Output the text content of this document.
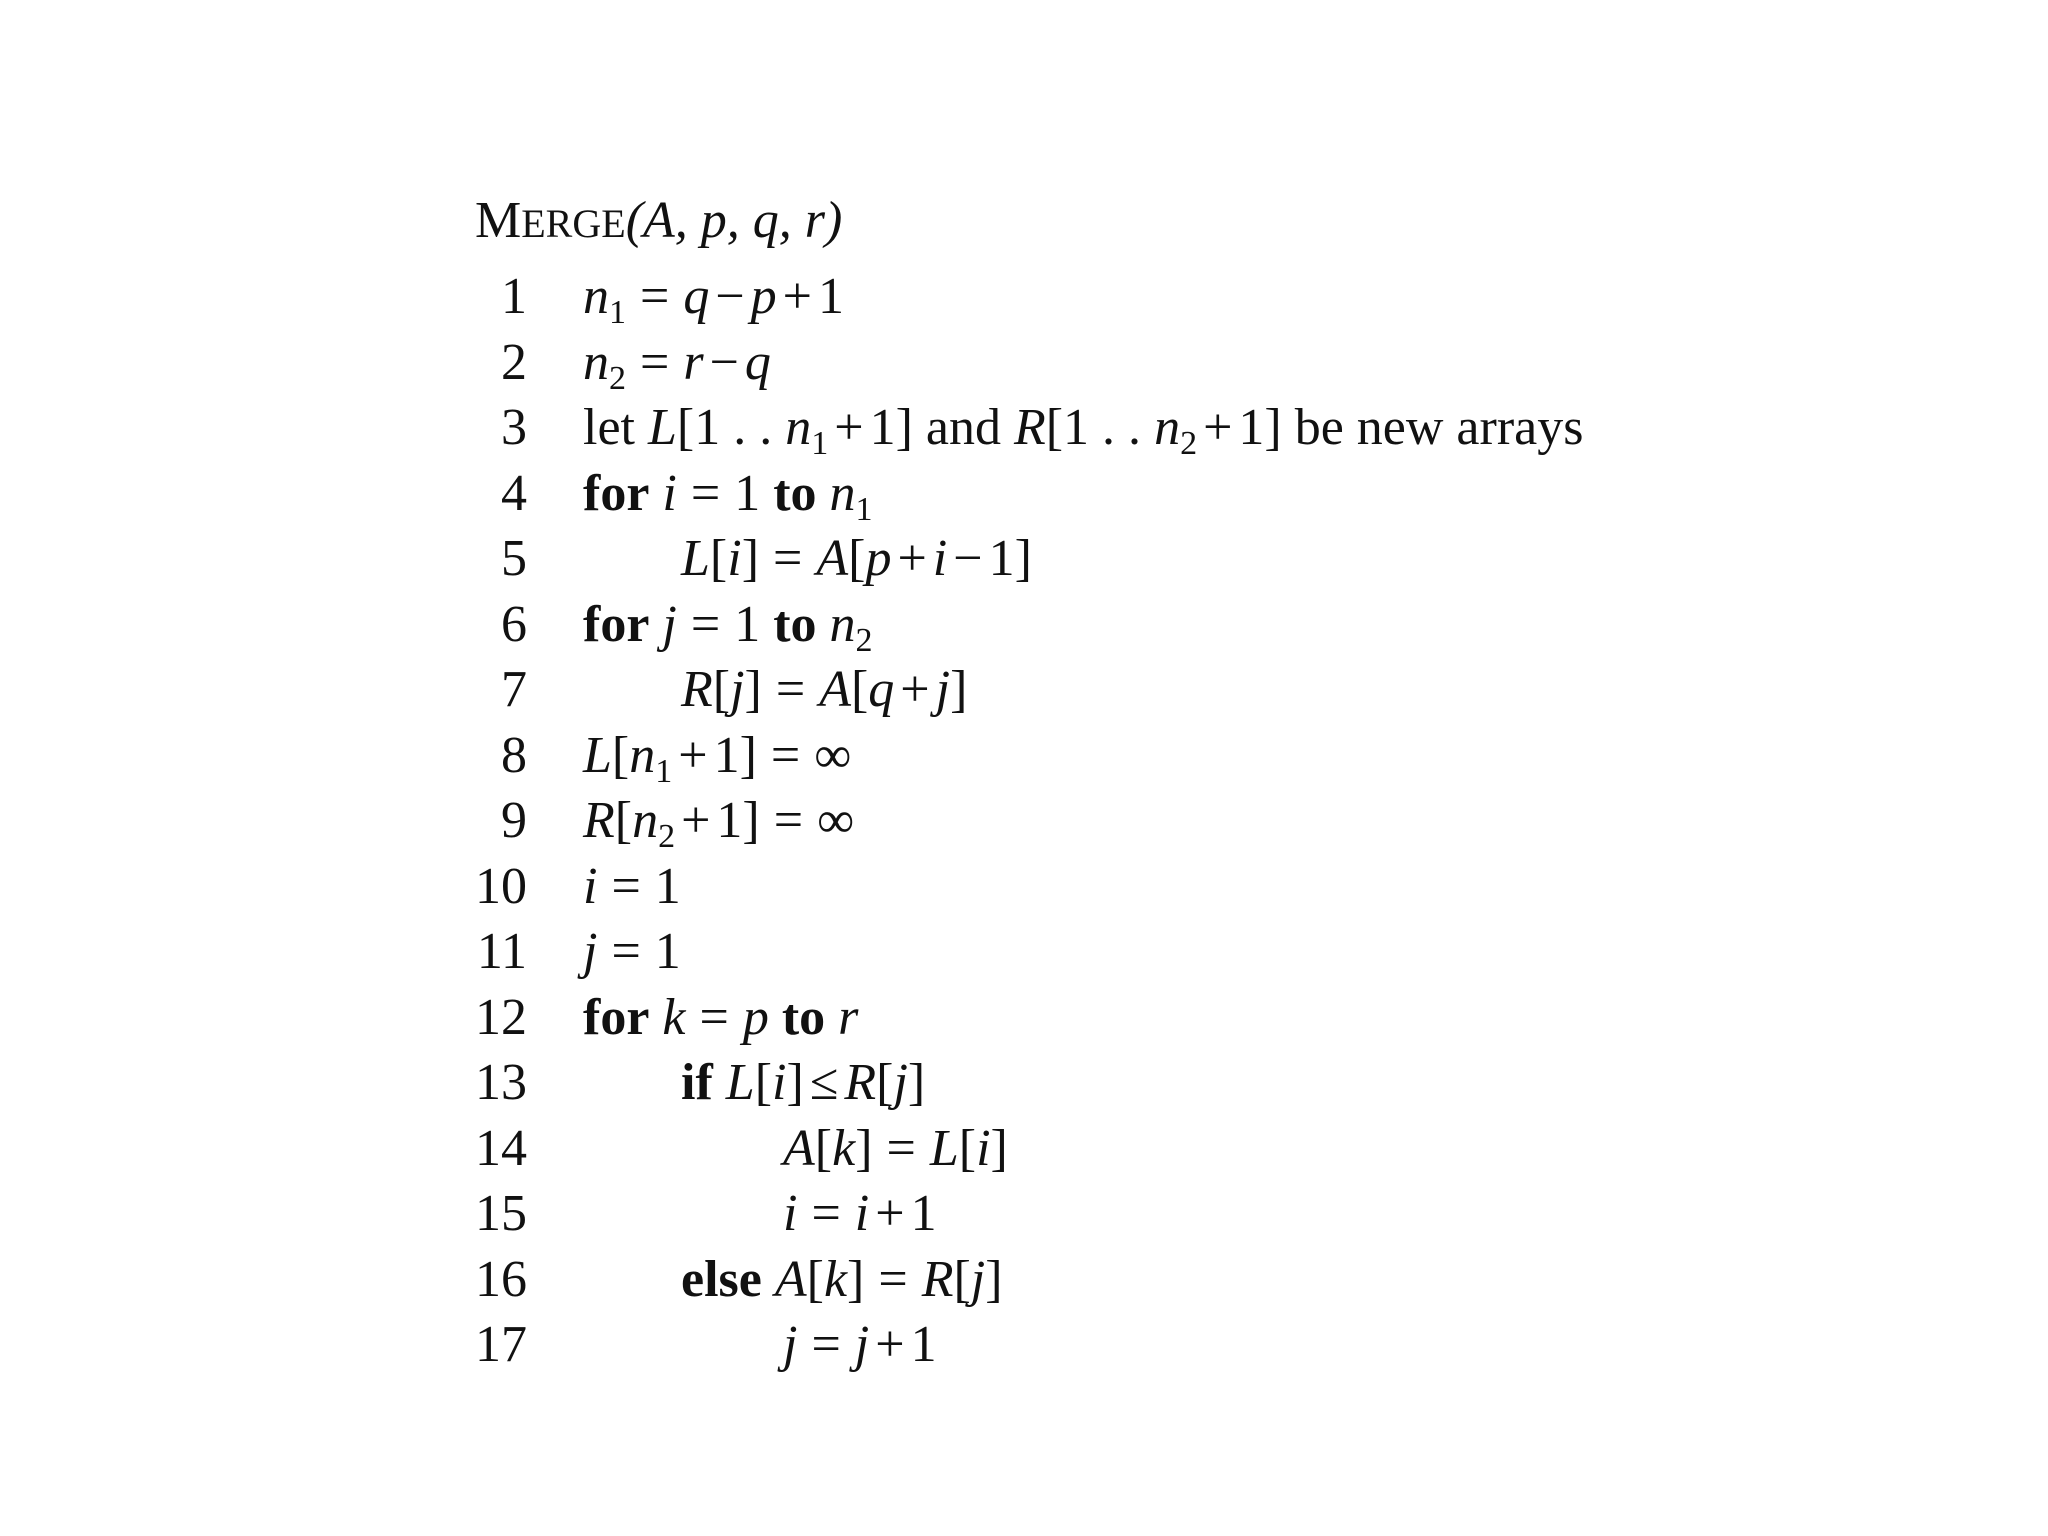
MERGE(A, p, q, r)
1 $n_1 = q - p + 1$
2 $n_2 = r - q$
3 let L[1 . . $n_1 + 1$] and R[1 . . $n_2 + 1$] be new arrays
4 for i = 1 to $n_1$
5	L[i] = A[p + i − 1]
6 for j = 1 to $n_2$
7	R[j] = A[q + j]
8 $L[n_1 + 1]$ = ∞
9 $R[n_2 + 1]$ = ∞
10 i = 1
11 j = 1
12 for k = p to r
13	if L[i] ≤ R[j]
14	A[k] = L[i]
15	i = i + 1
16	else A[k] = R[j]
17	j = j + 1
